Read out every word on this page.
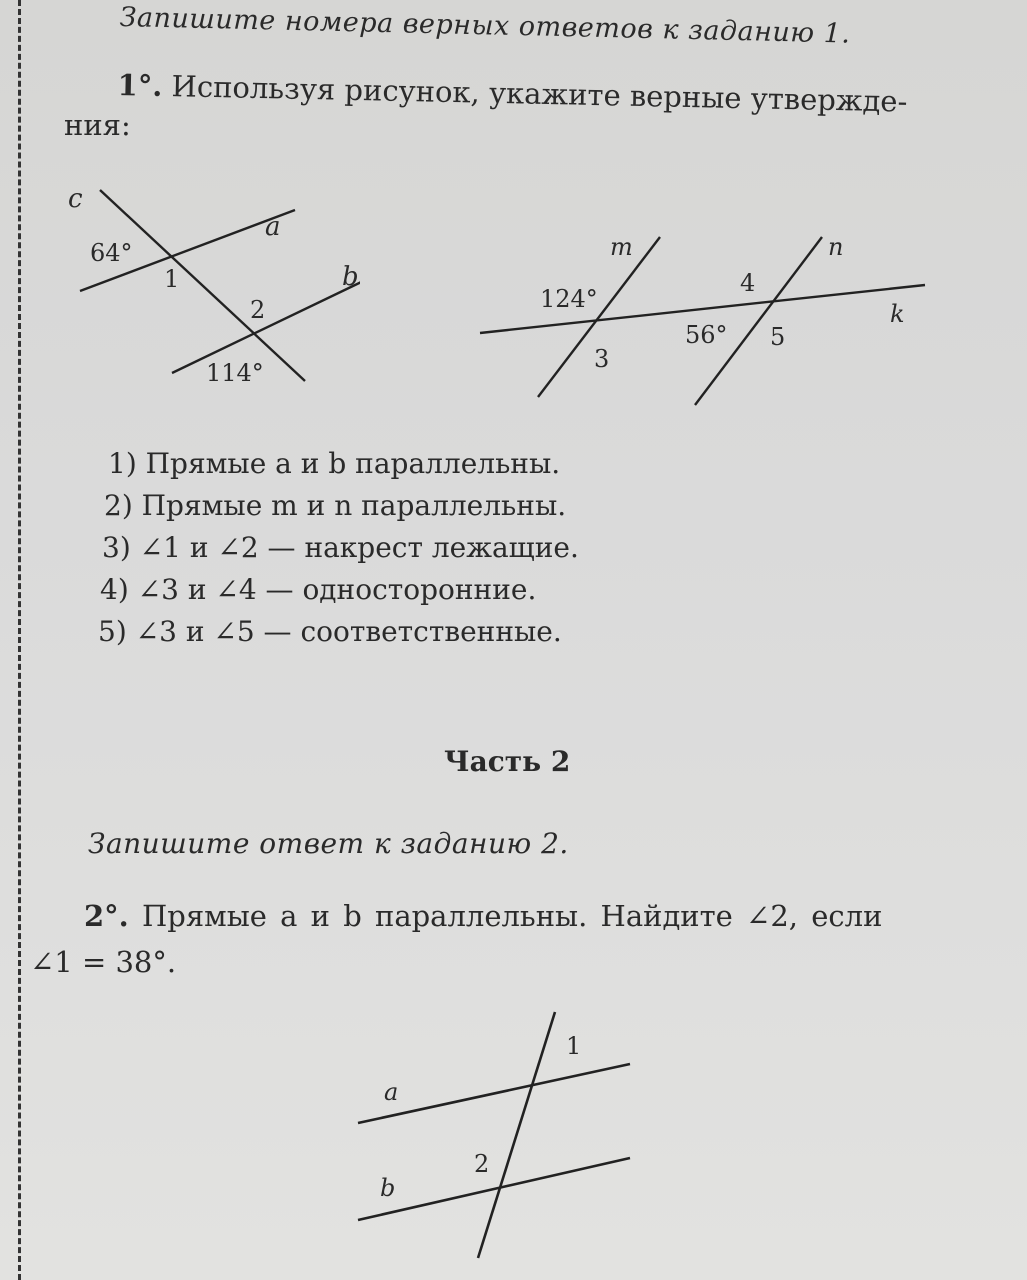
Запишите номера верных ответов к заданию 1.
1°. Используя рисунок, укажите верные утвержде-
ния:
c
a
b
64°
1
2
114°
m	n
k
124°
4
56° 5
3
1) Прямые a и b параллельны.
2) Прямые m и n параллельны.
3) ∠1 и ∠2 — накрест лежащие.
4) ∠3 и ∠4 — односторонние.
5) ∠3 и ∠5 — соответственные.
Часть 2
Запишите ответ к заданию 2.
2°. Прямые a и b параллельны. Найдите ∠2, если
∠1 = 38°.
1
a
2
b
